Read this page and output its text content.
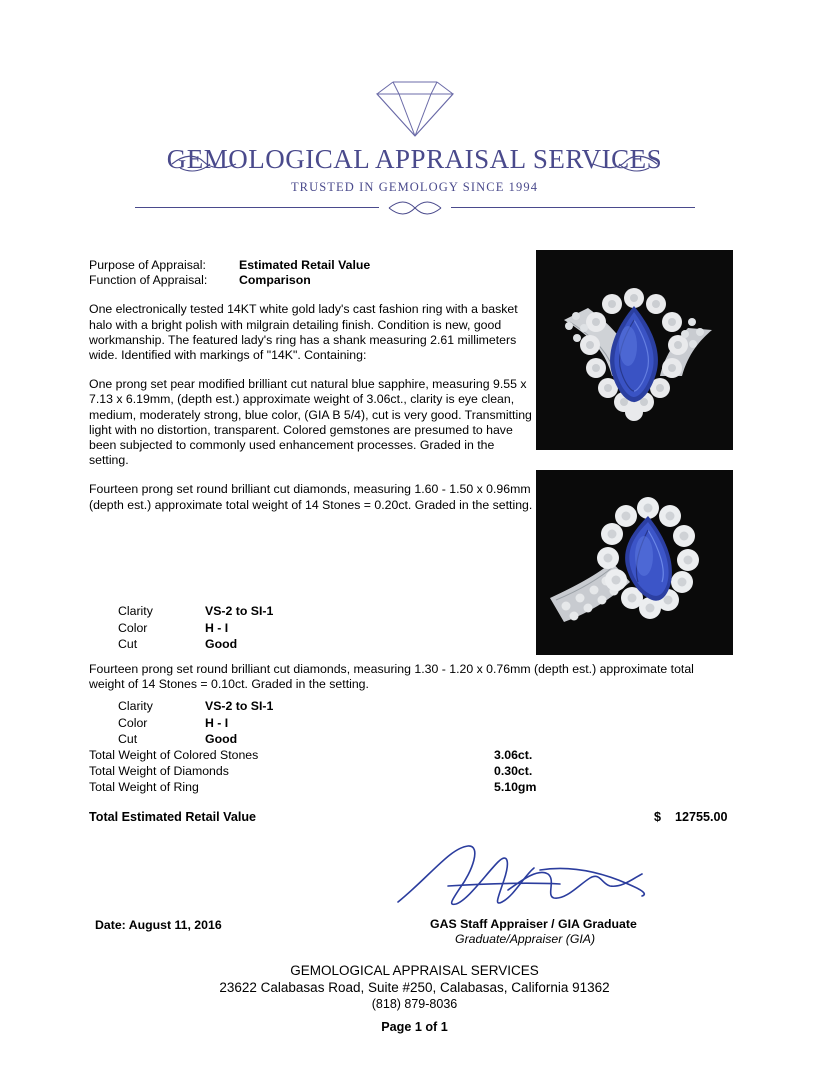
GEMOLOGICAL APPRAISAL SERVICES
TRUSTED IN GEMOLOGY SINCE 1994
Purpose of Appraisal:	Estimated Retail Value
Function of Appraisal:	Comparison
One electronically tested 14KT white gold lady's cast fashion ring with a basket halo with a bright polish with milgrain detailing finish. Condition is new, good workmanship. The featured lady's ring has a shank measuring 2.61 millimeters wide. Identified with markings of "14K". Containing:
One prong set pear modified brilliant cut natural blue sapphire, measuring 9.55 x 7.13 x 6.19mm, (depth est.) approximate weight of 3.06ct., clarity is eye clean, medium, moderately strong, blue color, (GIA B 5/4), cut is very good. Transmitting light with no distortion, transparent. Colored gemstones are presumed to have been subjected to commonly used enhancement processes. Graded in the setting.
Fourteen prong set round brilliant cut diamonds, measuring 1.60 - 1.50 x 0.96mm (depth est.) approximate total weight of 14 Stones = 0.20ct. Graded in the setting.
Clarity	VS-2 to SI-1
Color	H - I
Cut	Good
Fourteen prong set round brilliant cut diamonds, measuring 1.30 - 1.20 x 0.76mm (depth est.) approximate total weight of 14 Stones = 0.10ct. Graded in the setting.
Clarity	VS-2 to SI-1
Color	H - I
Cut	Good
Total Weight of Colored Stones	3.06ct.
Total Weight of Diamonds	0.30ct.
Total Weight of Ring	5.10gm
Total Estimated Retail Value	$ 12755.00
Date: August 11, 2016	GAS Staff Appraiser / GIA Graduate
Graduate/Appraiser (GIA)
GEMOLOGICAL APPRAISAL SERVICES
23622 Calabasas Road, Suite #250, Calabasas, California 91362
(818) 879-8036
Page 1 of 1
